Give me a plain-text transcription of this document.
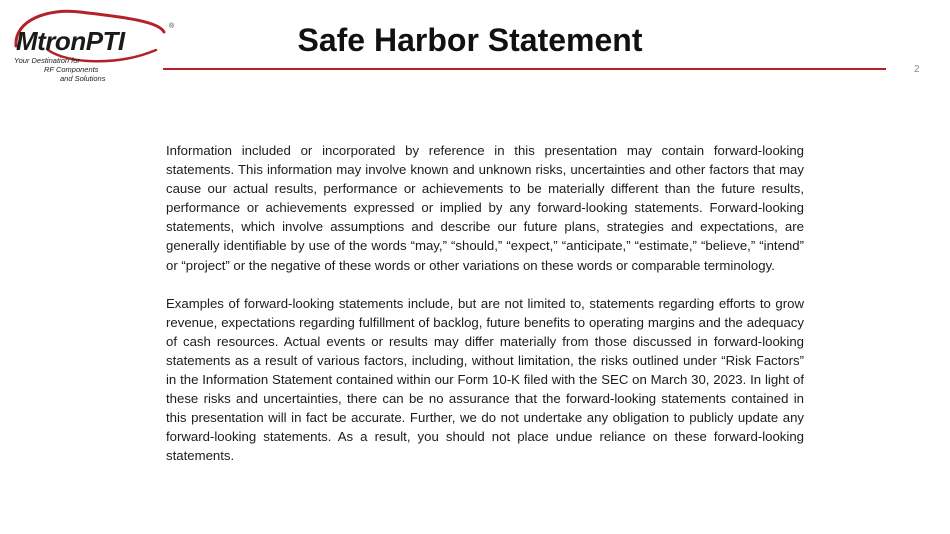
MtronPTI	®
Your Destination for
RF Components
and Solutions
Safe Harbor Statement
2

Information included or incorporated by reference in this presentation may contain forward-looking statements. This information may involve known and unknown risks, uncertainties and other factors that may cause our actual results, performance or achievements to be materially different than the future results, performance or achievements expressed or implied by any forward-looking statements. Forward-looking statements, which involve assumptions and describe our future plans, strategies and expectations, are generally identifiable by use of the words “may,” “should,” “expect,” “anticipate,” “estimate,” “believe,” “intend” or “project” or the negative of these words or other variations on these words or comparable terminology.

Examples of forward-looking statements include, but are not limited to, statements regarding efforts to grow revenue, expectations regarding fulfillment of backlog, future benefits to operating margins and the adequacy of cash resources. Actual events or results may differ materially from those discussed in forward-looking statements as a result of various factors, including, without limitation, the risks outlined under “Risk Factors” in the Information Statement contained within our Form 10-K filed with the SEC on March 30, 2023. In light of these risks and uncertainties, there can be no assurance that the forward-looking statements contained in this presentation will in fact be accurate. Further, we do not undertake any obligation to publicly update any forward-looking statements. As a result, you should not place undue reliance on these forward-looking statements.
